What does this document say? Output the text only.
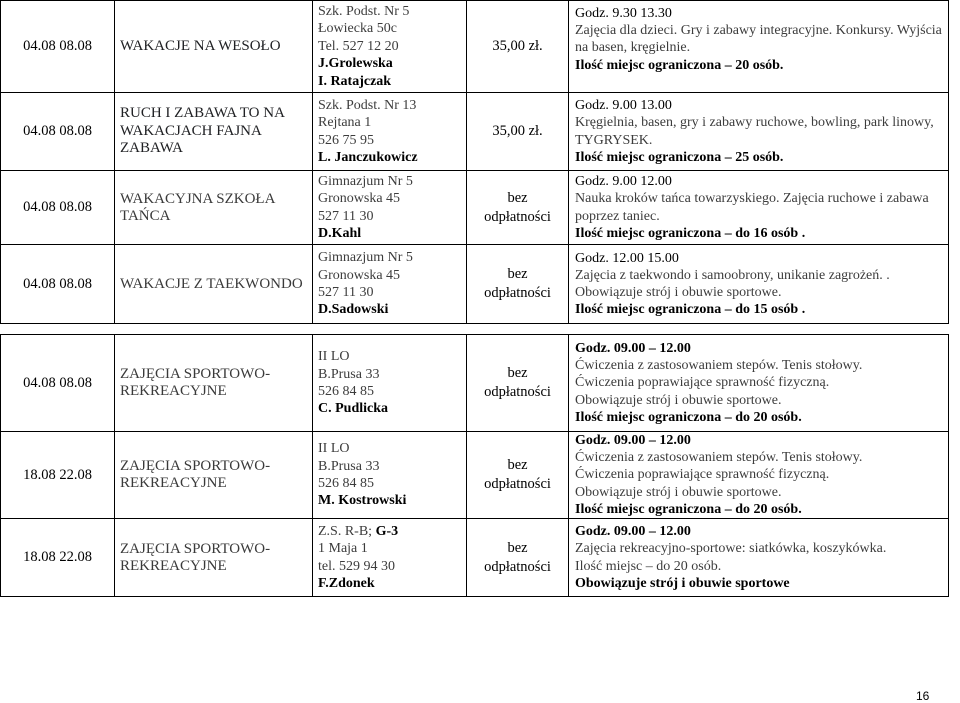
04.08 08.08	WAKACJE NA WESOŁO	Szk. Podst. Nr 5
Łowiecka 50c
Tel. 527 12 20
J.Grolewska
I. Ratajczak	35,00 zł.	Godz. 9.30 13.30
Zajęcia dla dzieci. Gry i zabawy integracyjne. Konkursy. Wyjścia na basen, kręgielnie.
Ilość miejsc ograniczona – 20 osób.

04.08 08.08	RUCH I ZABAWA TO NA WAKACJACH FAJNA ZABAWA	Szk. Podst. Nr 13
Rejtana 1
526 75 95
L. Janczukowicz	35,00 zł.	Godz. 9.00 13.00
Kręgielnia, basen, gry i zabawy ruchowe, bowling, park linowy, TYGRYSEK.
Ilość miejsc ograniczona – 25 osób.

04.08 08.08	WAKACYJNA SZKOŁA TAŃCA	Gimnazjum Nr 5
Gronowska 45
527 11 30
D.Kahl	bez
odpłatności	Godz. 9.00 12.00
Nauka kroków tańca towarzyskiego. Zajęcia ruchowe i zabawa poprzez taniec.
Ilość miejsc ograniczona – do 16 osób .

04.08 08.08	WAKACJE Z TAEKWONDO	Gimnazjum Nr 5
Gronowska 45
527 11 30
D.Sadowski	bez
odpłatności	Godz. 12.00 15.00
Zajęcia z taekwondo i samoobrony, unikanie zagrożeń. .
Obowiązuje strój i obuwie sportowe.
Ilość miejsc ograniczona – do 15 osób .
04.08 08.08	ZAJĘCIA SPORTOWO-REKREACYJNE	II LO
B.Prusa 33
526 84 85
C. Pudlicka	bez
odpłatności	Godz. 09.00 – 12.00
Ćwiczenia z zastosowaniem stepów. Tenis stołowy.
Ćwiczenia poprawiające sprawność fizyczną.
Obowiązuje strój i obuwie sportowe.
Ilość miejsc ograniczona – do 20 osób.

18.08 22.08	ZAJĘCIA SPORTOWO-REKREACYJNE	II LO
B.Prusa 33
526 84 85
M. Kostrowski	bez
odpłatności	Godz. 09.00 – 12.00
Ćwiczenia z zastosowaniem stepów. Tenis stołowy.
Ćwiczenia poprawiające sprawność fizyczną.
Obowiązuje strój i obuwie sportowe.
Ilość miejsc ograniczona – do 20 osób.

18.08 22.08	ZAJĘCIA SPORTOWO-REKREACYJNE	Z.S. R-B; G-3
1 Maja 1
tel. 529 94 30
F.Zdonek	bez
odpłatności	Godz. 09.00 – 12.00
Zajęcia rekreacyjno-sportowe: siatkówka, koszykówka.
Ilość miejsc – do 20 osób.
Obowiązuje strój i obuwie sportowe
16
